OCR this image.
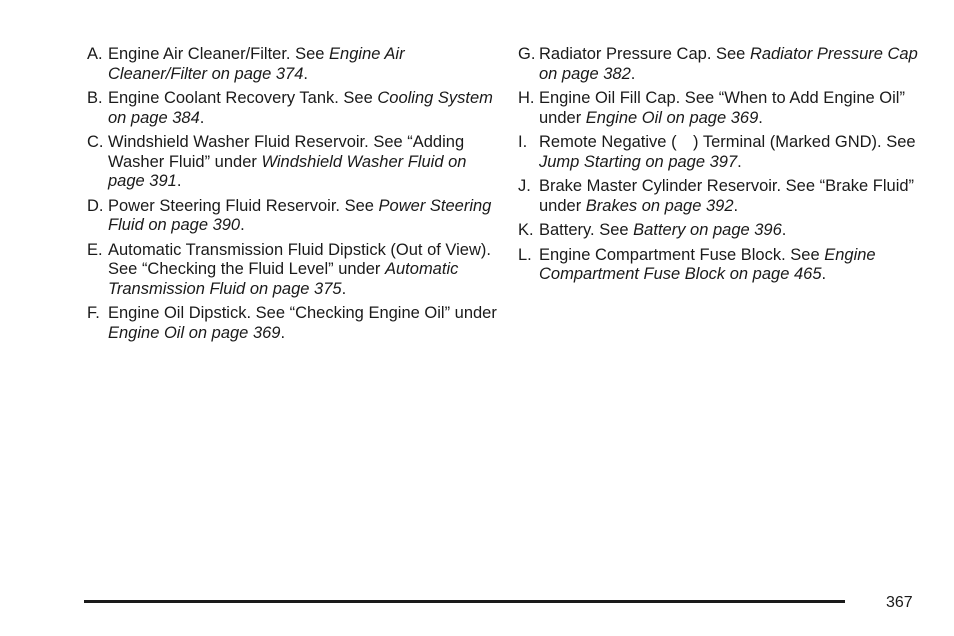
A. Engine Air Cleaner/Filter. See Engine Air Cleaner/Filter on page 374.
B. Engine Coolant Recovery Tank. See Cooling System on page 384.
C. Windshield Washer Fluid Reservoir. See “Adding Washer Fluid” under Windshield Washer Fluid on page 391.
D. Power Steering Fluid Reservoir. See Power Steering Fluid on page 390.
E. Automatic Transmission Fluid Dipstick (Out of View). See “Checking the Fluid Level” under Automatic Transmission Fluid on page 375.
F. Engine Oil Dipstick. See “Checking Engine Oil” under Engine Oil on page 369.
G. Radiator Pressure Cap. See Radiator Pressure Cap on page 382.
H. Engine Oil Fill Cap. See “When to Add Engine Oil” under Engine Oil on page 369.
I. Remote Negative ( ) Terminal (Marked GND). See Jump Starting on page 397.
J. Brake Master Cylinder Reservoir. See “Brake Fluid” under Brakes on page 392.
K. Battery. See Battery on page 396.
L. Engine Compartment Fuse Block. See Engine Compartment Fuse Block on page 465.
367
